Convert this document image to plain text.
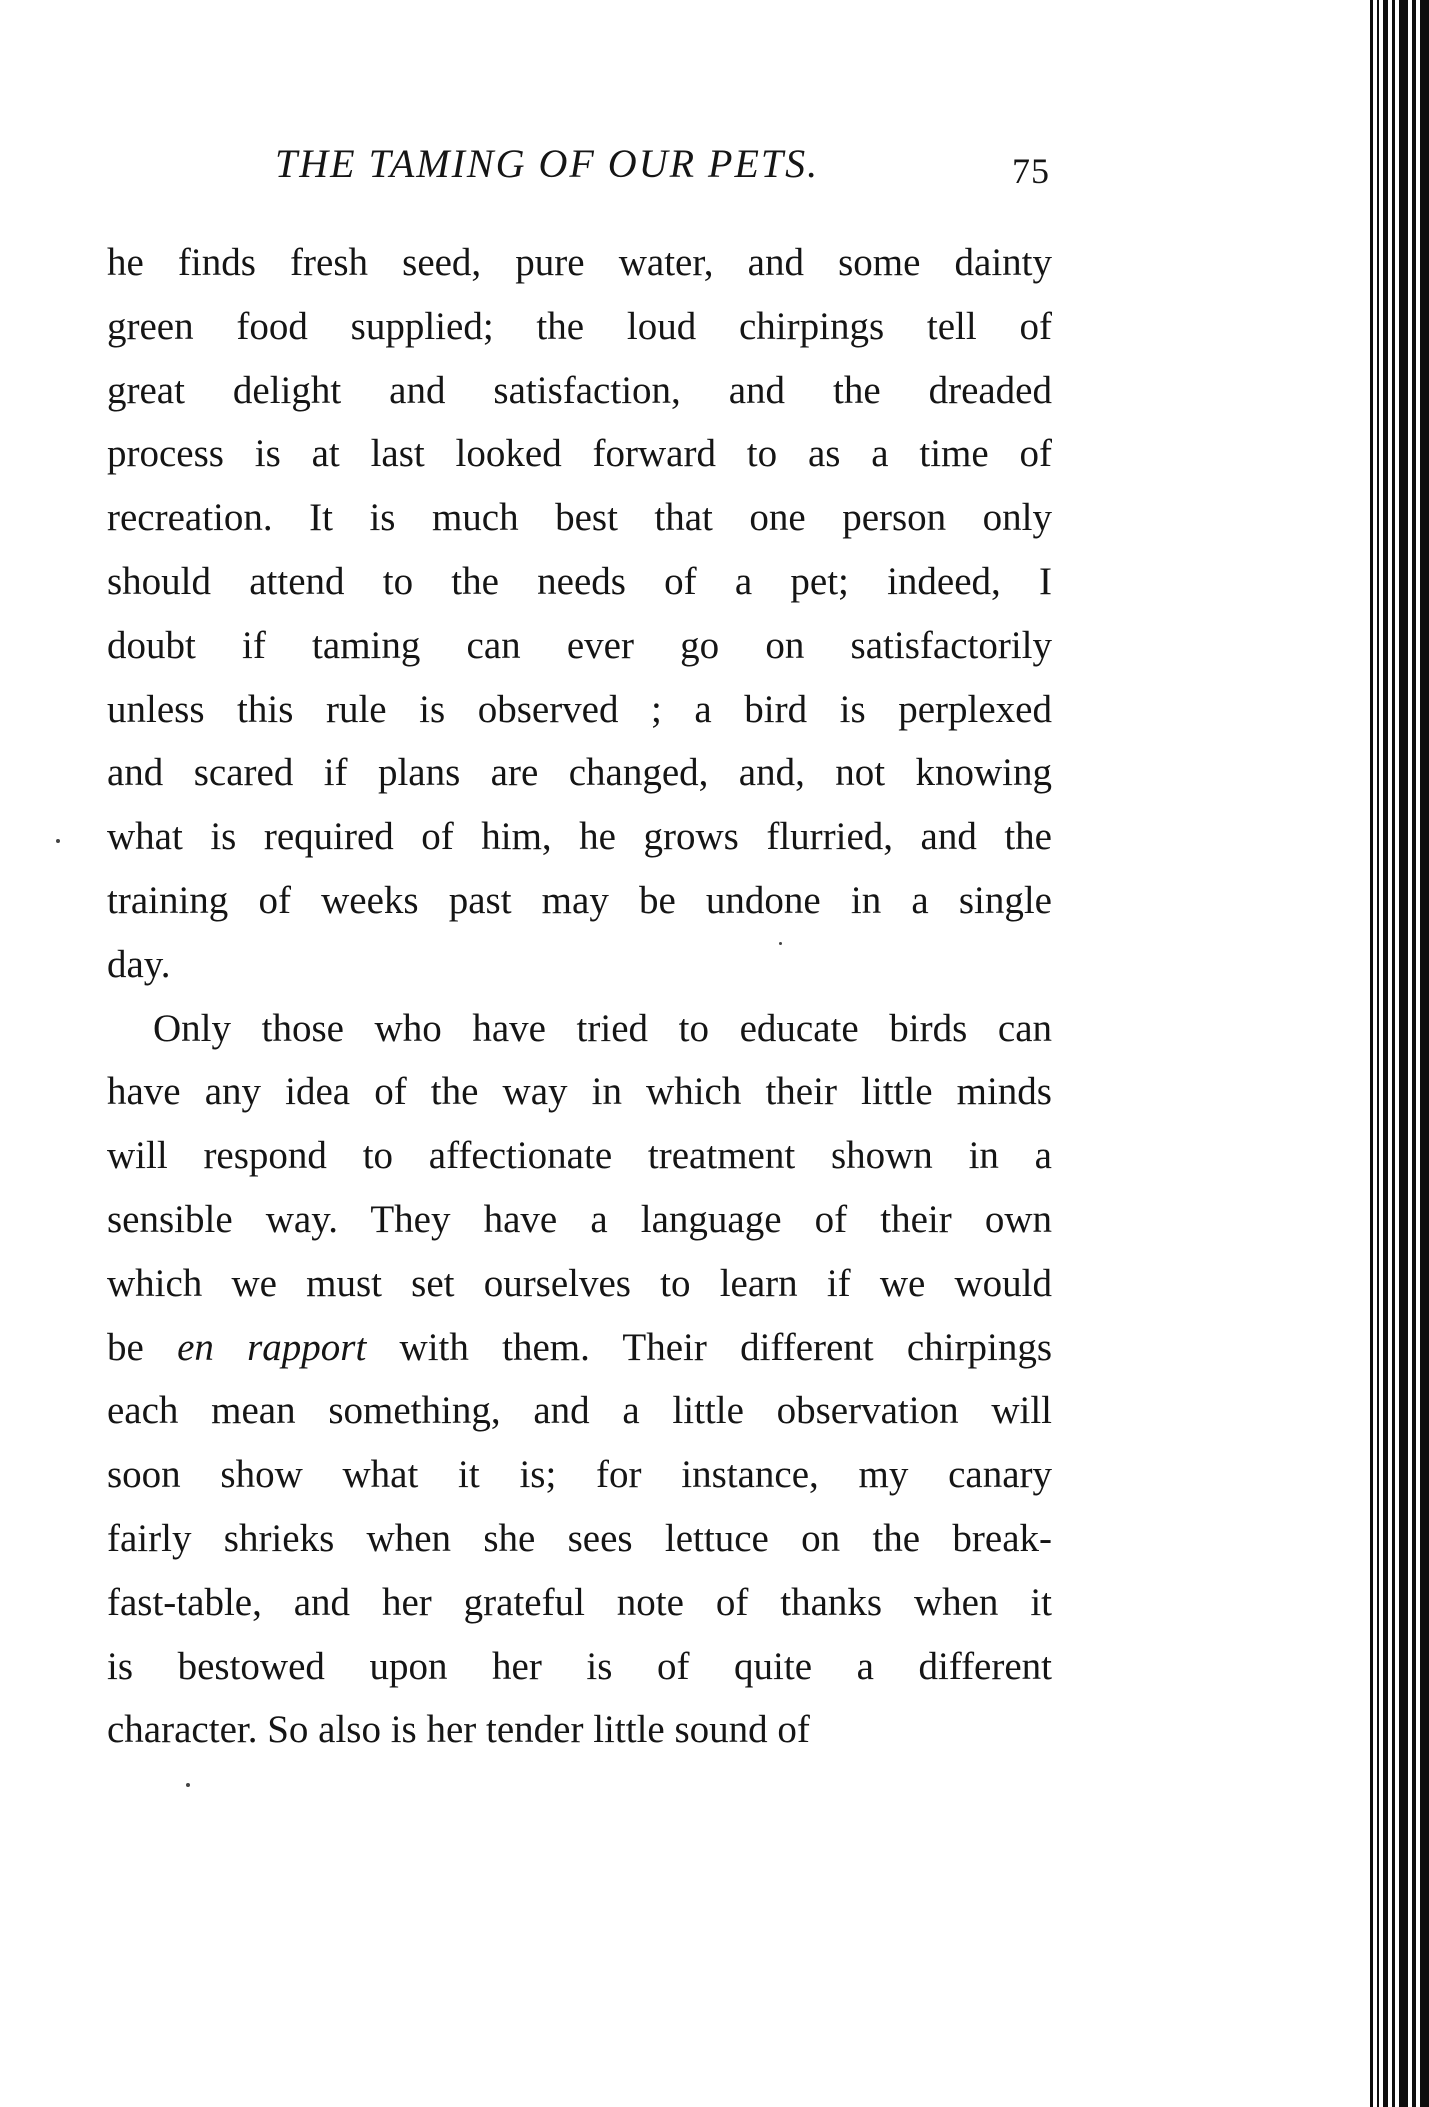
THE TAMING OF OUR PETS.	75
he finds fresh seed, pure water, and some dainty
green food supplied; the loud chirpings tell of
great delight and satisfaction, and the dreaded
process is at last looked forward to as a time of
recreation. It is much best that one person only
should attend to the needs of a pet; indeed, I
doubt if taming can ever go on satisfactorily
unless this rule is observed ; a bird is perplexed
and scared if plans are changed, and, not knowing
what is required of him, he grows flurried, and the
training of weeks past may be undone in a single
day.
Only those who have tried to educate birds can
have any idea of the way in which their little minds
will respond to affectionate treatment shown in a
sensible way. They have a language of their own
which we must set ourselves to learn if we would
be en rapport with them. Their different chirpings
each mean something, and a little observation will
soon show what it is; for instance, my canary
fairly shrieks when she sees lettuce on the break-
fast-table, and her grateful note of thanks when it
is bestowed upon her is of quite a different
character. So also is her tender little sound of
